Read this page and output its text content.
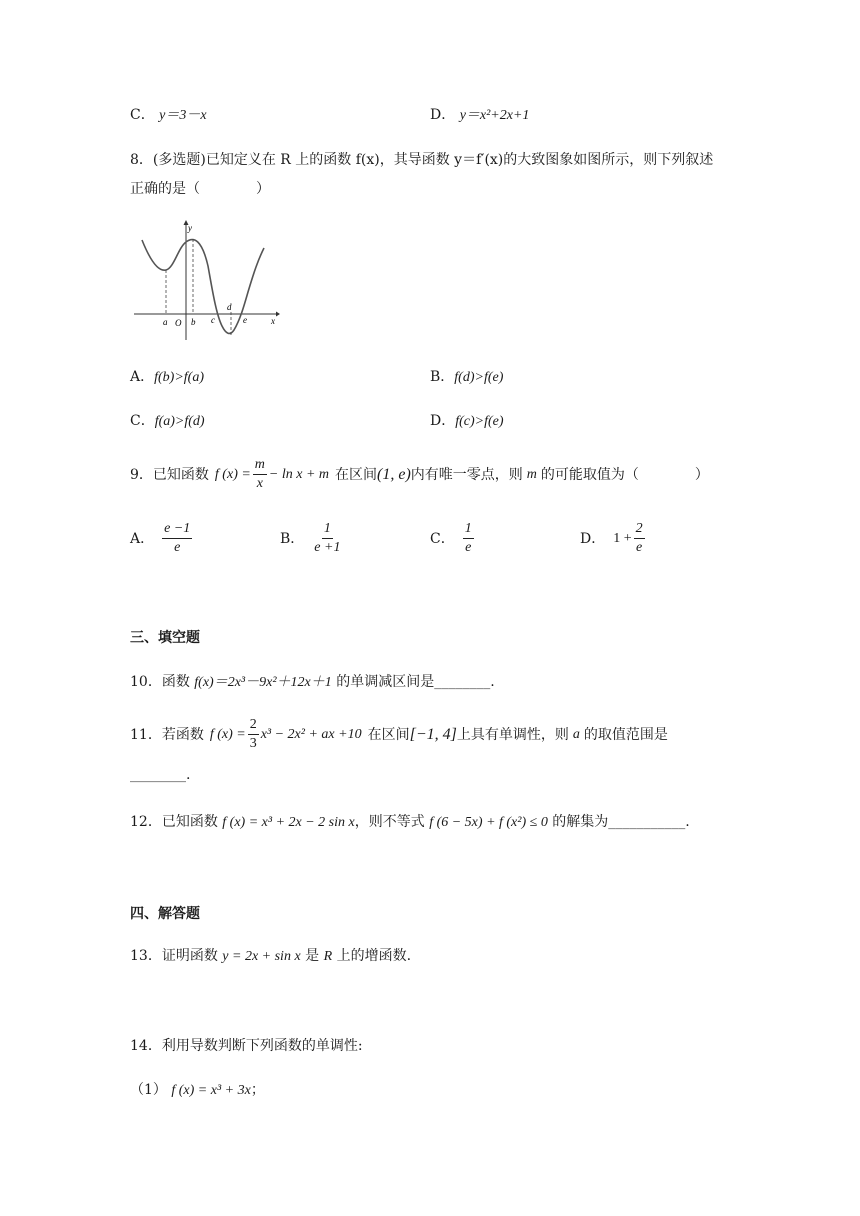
C． y＝3－x	D． y＝x²+2x+1
8．(多选题)已知定义在 R 上的函数 f(x)，其导函数 y＝f′(x)的大致图象如图所示，则下列叙述
正确的是（　　　　）
y
x
a O b c
d
e
A．f(b)>f(a)	B．f(d)>f(e)
C．f(a)>f(d)	D．f(c)>f(e)
9．已知函数 f $(x) = \frac{m}{x} - \ln x + m$ 在区间 (1, e) 内有唯一零点，则 m 的可能取值为（　　　　）
A． $\frac{e -1}{e}$	B． $\frac{1}{e +1}$	C． $\frac{1}{e}$	D． $1 + \frac{2}{e}$
三、填空题
10．函数 f(x)＝2x³－9x²＋12x＋1 的单调减区间是________.
11．若函数 f $(x) = \frac{2}{3} x^3 - 2x^2$ + ax +10 在区间 [−1, 4] 上具有单调性，则 a 的取值范围是
________.
12．已知函数 f (x) = x³ + 2x − 2 sin x，则不等式 f (6 − 5x) + f (x²) ≤ 0 的解集为___________.
四、解答题
13．证明函数 y = 2x + sin x 是 R 上的增函数.
14．利用导数判断下列函数的单调性:
（1） f (x) = x³ + 3x；
